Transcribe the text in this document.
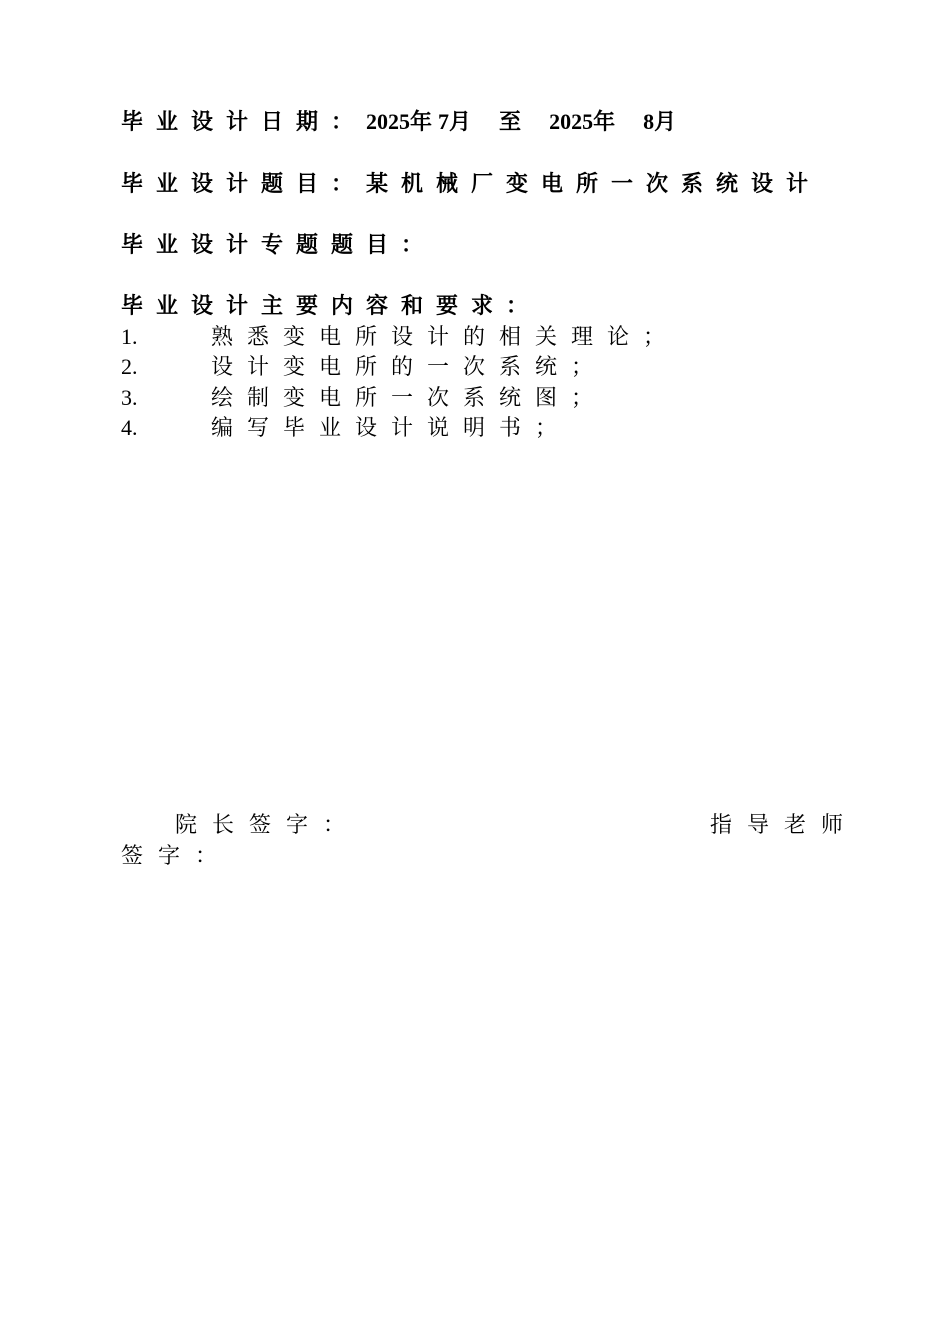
毕业设计日期： 2025 年 7 月 至 2025 年 8 月
毕业设计题目：某机械厂变电所一次系统设计
毕业设计专题题目：
毕业设计主要内容和要求：
1.	熟悉变电所设计的相关理论；
2.	设计变电所的一次系统；
3.	绘制变电所一次系统图；
4.	编写毕业设计说明书；
院长签字：	指导老师
签字：
